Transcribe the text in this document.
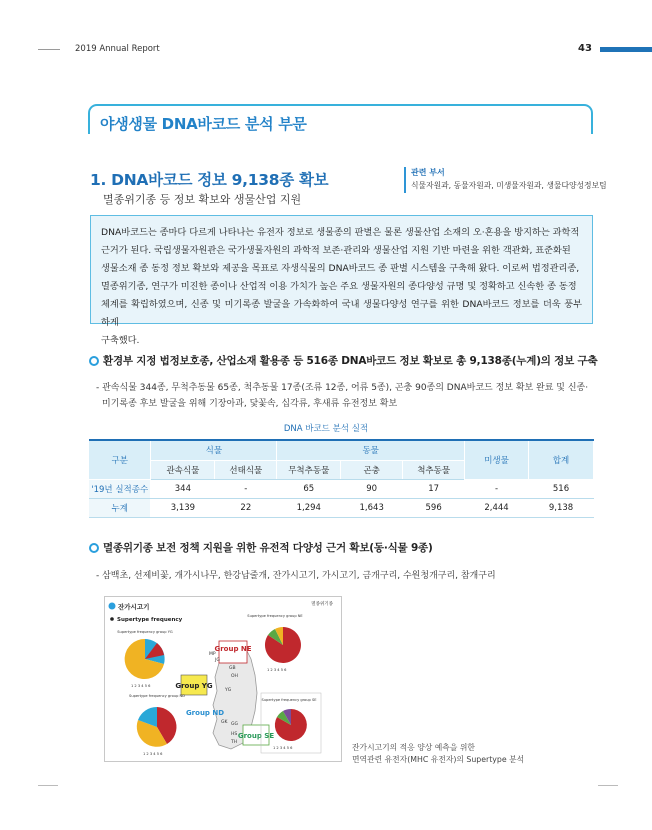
2019 Annual Report	43
야생생물 DNA바코드 분석 부문
1. DNA바코드 정보 9,138종 확보
멸종위기종 등 정보 확보와 생물산업 지원
관련 부서
식물자원과, 동물자원과, 미생물자원과, 생물다양성정보팀
DNA바코드는 종마다 다르게 나타나는 유전자 정보로 생물종의 판별은 물론 생물산업 소재의 오·혼용을 방지하는 과학적
근거가 된다. 국립생물자원관은 국가생물자원의 과학적 보존·관리와 생물산업 지원 기반 마련을 위한 객관화, 표준화된
생물소재 종 동정 정보 확보와 제공을 목표로 자생식물의 DNA바코드 종 판별 시스템을 구축해 왔다. 이로써 법정관리종,
멸종위기종, 연구가 미진한 종이나 산업적 이용 가치가 높은 주요 생물자원의 종다양성 규명 및 정확하고 신속한 종 동정
체계를 확립하였으며, 신종 및 미기록종 발굴을 가속화하여 국내 생물다양성 연구를 위한 DNA바코드 정보를 더욱 풍부하게
구축했다.
환경부 지정 법정보호종, 산업소재 활용종 등 516종 DNA바코드 정보 확보로 총 9,138종(누계)의 정보 구축
- 관속식물 344종, 무척추동물 65종, 척추동물 17종(조류 12종, 어류 5종), 곤충 90종의 DNA바코드 정보 확보 완료 및 신종·
미기록종 후보 발굴을 위해 기장아과, 닻꽃속, 십각류, 후새류 유전정보 확보
DNA 바코드 분석 실적
구분	식물		동물			미생물	합계
	관속식물	선태식물	무척추동물	곤충	척추동물		
'19년 실적종수	344	-	65	90	17	-	516
누계	3,139	22	1,294	1,643	596	2,444	9,138
멸종위기종 보전 정책 지원을 위한 유전적 다양성 근거 확보(동·식물 9종)
- 삼백초, 선제비꽃, 개가시나무, 한강납줄개, 잔가시고기, 가시고기, 금개구리, 수원청개구리, 참개구리
Group NE
Group YG
Group ND
Group SE
MP
JG
GB
OH
YG
GK GG
HS
TH
잔가시고기
Supertype frequency
멸종위기종
Supertype frequency group YG
1 2 3 4 5 6
Supertype frequency group ND
1 2 3 4 5 6
Supertype frequency group NE
1 2 3 4 5 6
Supertype frequency group SE
1 2 3 4 5 6	잔가시고기의 적응 양상 예측을 위한
면역관련 유전자(MHC 유전자)의 Supertype 분석
